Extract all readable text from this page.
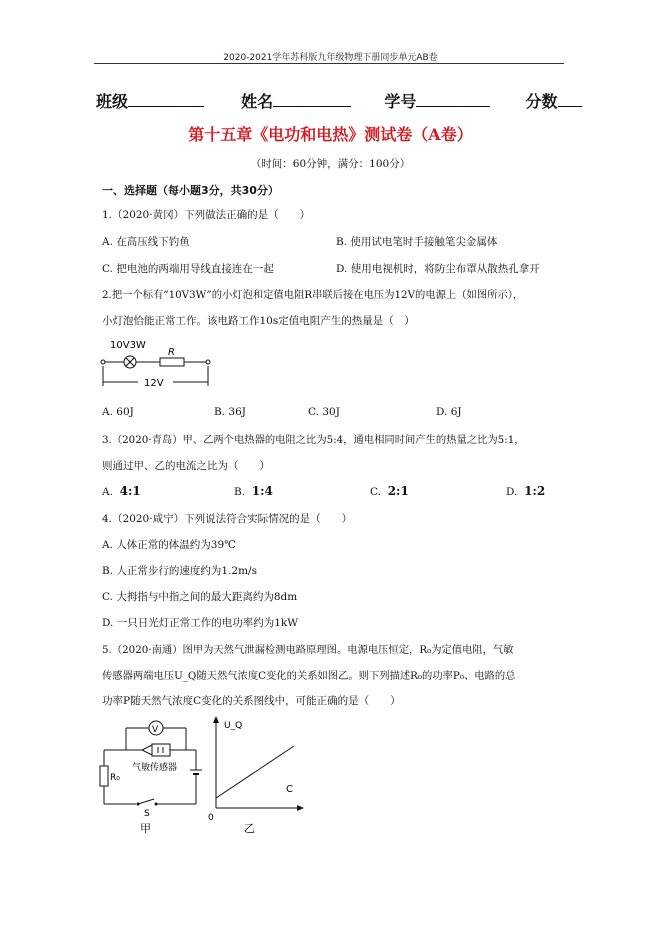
2020-2021学年苏科版九年级物理下册同步单元AB卷
班级	姓名	学号	分数
第十五章《电功和电热》测试卷（A卷）
（时间：60分钟，满分：100分）
一、选择题（每小题3分，共30分）
1.（2020·黄冈）下列做法正确的是（　　）
A. 在高压线下钓鱼	B. 使用试电笔时手接触笔尖金属体
C. 把电池的两端用导线直接连在一起	D. 使用电视机时，将防尘布罩从散热孔拿开
2.把一个标有“10V3W”的小灯泡和定值电阻R串联后接在电压为12V的电源上（如图所示），
小灯泡恰能正常工作。该电路工作10s定值电阻产生的热量是（　）
10V3W
R
12V
A. 60J	B. 36J	C. 30J	D. 6J
3.（2020·青岛）甲、乙两个电热器的电阻之比为5:4，通电相同时间产生的热量之比为5:1，
则通过甲、乙的电流之比为（　　）
A. 4:1	B. 1:4	C. 2:1	D. 1:2
4.（2020·咸宁）下列说法符合实际情况的是（　　）
A. 人体正常的体温约为39℃
B. 人正常步行的速度约为1.2m/s
C. 大拇指与中指之间的最大距离约为8dm
D. 一只日光灯正常工作的电功率约为1kW
5.（2020·南通）图甲为天然气泄漏检测电路原理图。电源电压恒定，R₀为定值电阻，气敏
传感器两端电压U_Q随天然气浓度C变化的关系如图乙。则下列描述R₀的功率P₀、电路的总
功率P随天然气浓度C变化的关系图线中，可能正确的是（　　）
V
气敏传感器
R₀
S
甲
U_Q
C
0
乙
